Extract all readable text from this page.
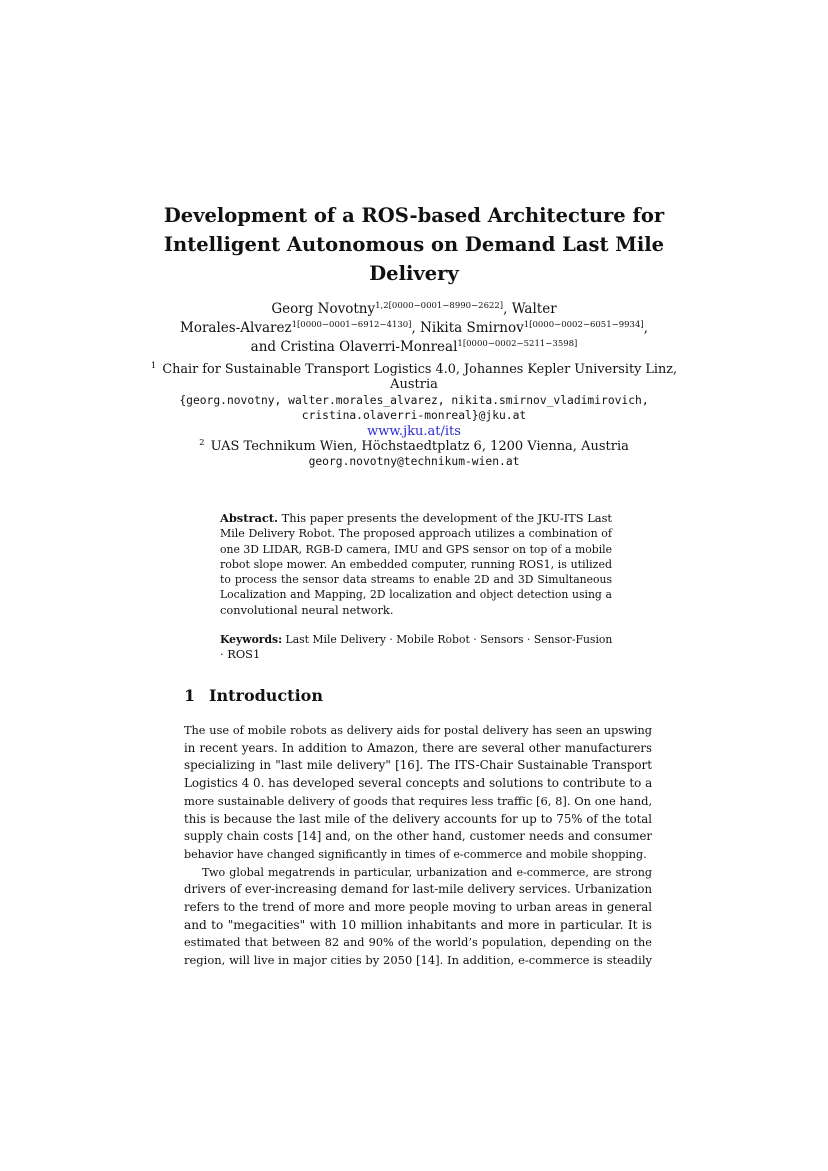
Development of a ROS-based Architecture for
Intelligent Autonomous on Demand Last Mile
Delivery
Georg Novotny$^{1,2[0000-0001-8990-2622]}$, Walter
Morales-Alvarez$^{1[0000-0001-6912-4130]}$, Nikita Smirnov$^{1[0000-0002-6051-9934]}$,
and Cristina Olaverri-Monreal$^{1[0000-0002-5211-3598]}$
$^1$ Chair for Sustainable Transport Logistics 4.0, Johannes Kepler University Linz,
Austria
{georg.novotny, walter.morales_alvarez, nikita.smirnov_vladimirovich,
cristina.olaverri-monreal}@jku.at
www.jku.at/its
$^2$ UAS Technikum Wien, Höchstaedtplatz 6, 1200 Vienna, Austria
georg.novotny@technikum-wien.at
Abstract. This paper presents the development of the JKU-ITS Last
Mile Delivery Robot. The proposed approach utilizes a combination of
one 3D LIDAR, RGB-D camera, IMU and GPS sensor on top of a mobile
robot slope mower. An embedded computer, running ROS1, is utilized
to process the sensor data streams to enable 2D and 3D Simultaneous
Localization and Mapping, 2D localization and object detection using a
convolutional neural network.
Keywords: Last Mile Delivery · Mobile Robot · Sensors · Sensor-Fusion
· ROS1
1 Introduction
The use of mobile robots as delivery aids for postal delivery has seen an upswing
in recent years. In addition to Amazon, there are several other manufacturers
specializing in "last mile delivery" [16]. The ITS-Chair Sustainable Transport
Logistics 4 0. has developed several concepts and solutions to contribute to a
more sustainable delivery of goods that requires less traffic [6, 8]. On one hand,
this is because the last mile of the delivery accounts for up to 75% of the total
supply chain costs [14] and, on the other hand, customer needs and consumer
behavior have changed significantly in times of e-commerce and mobile shopping.
Two global megatrends in particular, urbanization and e-commerce, are strong
drivers of ever-increasing demand for last-mile delivery services. Urbanization
refers to the trend of more and more people moving to urban areas in general
and to "megacities" with 10 million inhabitants and more in particular. It is
estimated that between 82 and 90% of the world’s population, depending on the
region, will live in major cities by 2050 [14]. In addition, e-commerce is steadily
